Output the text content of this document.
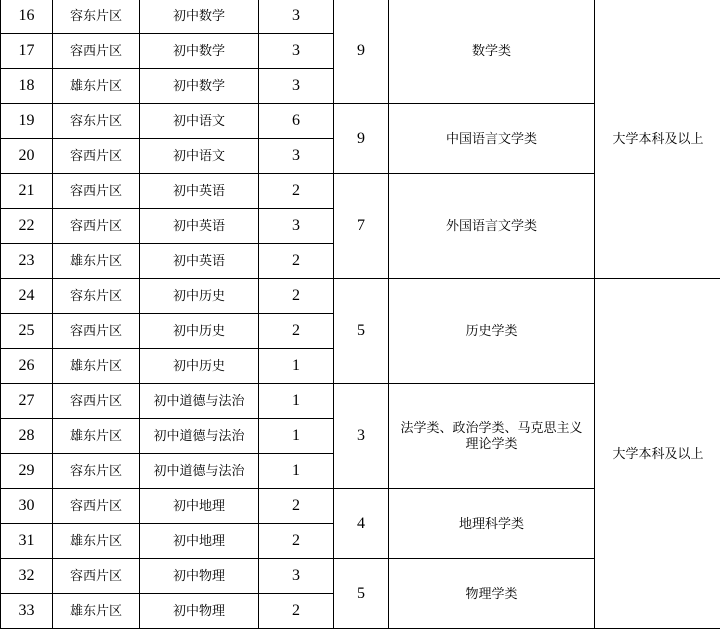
16	容东片区	初中数学	3	9	数学类	大学本科及以上
17	容西片区	初中数学	3			
18	雄东片区	初中数学	3			
19	容东片区	初中语文	6	9	中国语言文学类	
20	容西片区	初中语文	3			
21	容西片区	初中英语	2	7	外国语言文学类	
22	容西片区	初中英语	3			
23	雄东片区	初中英语	2			
24	容东片区	初中历史	2	5	历史学类	大学本科及以上
25	容西片区	初中历史	2			
26	雄东片区	初中历史	1			
27	容西片区	初中道德与法治	1	3	法学类、政治学类、马克思主义理论学类	
28	雄东片区	初中道德与法治	1			
29	容东片区	初中道德与法治	1			
30	容西片区	初中地理	2	4	地理科学类	
31	雄东片区	初中地理	2			
32	容西片区	初中物理	3	5	物理学类	
33	雄东片区	初中物理	2			
